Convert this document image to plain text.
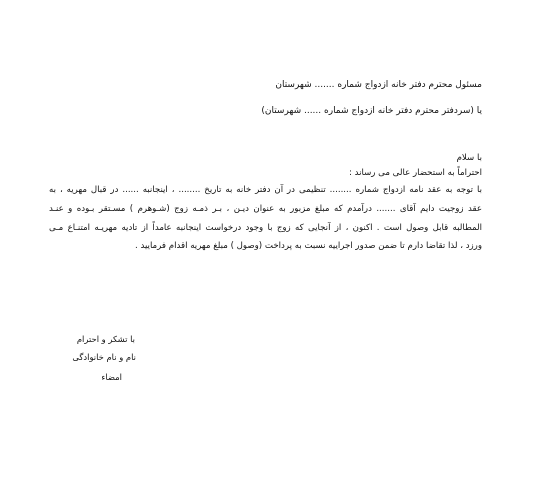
مسئول محترم دفتر خانه ازدواج شماره ....... شهرستان
یا (سردفتر محترم دفتر خانه ازدواج شماره ...... شهرستان)
با سلام
احتراماً به استحضار عالی می رساند :
با توجه به عقد نامه ازدواج شماره ........ تنظیمی در آن دفتر خانه به تاریخ ........ ، اینجانبه ...... در قبال مهریه ، به
عقد زوجیت دایم آقای ....... درآمدم که مبلغ مزبور به عنوان دیـن ، بـر ذمـه زوج (شـوهرم ) مسـتقر بـوده و عنـد
المطالبه قابل وصول است . اکنون ، از آنجایی که زوج با وجود درخواست اینجانبه عامداً از تادیه مهریـه امتنـاع مـی
ورزد ، لذا تقاضا دارم تا ضمن صدور اجراییه نسبت به پرداخت (وصول ) مبلغ مهریه اقدام فرمایید .
با تشکر و احترام
نام و نام خانوادگی
امضاء
